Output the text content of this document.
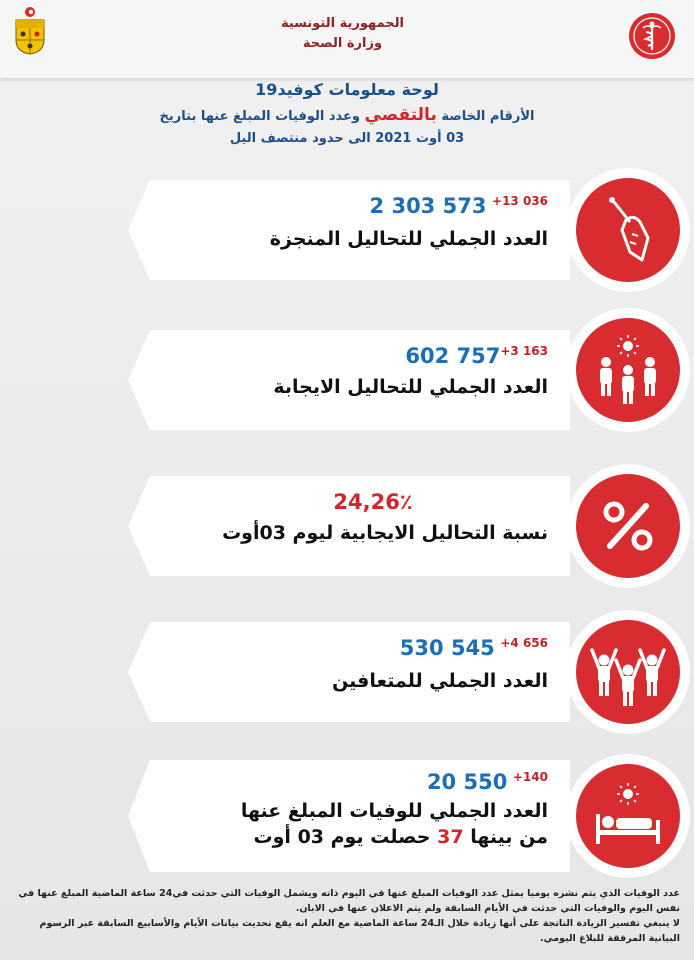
الجمهورية التونسية
وزارة الصحة
لوحة معلومات كوفيد19
الأرقام الخاصة بالتقصي وعدد الوفيات المبلغ عنها بتاريخ
03 أوت 2021 الى حدود منتصف اليل
2 303 573 $^{+13 036}$
العدد الجملي للتحاليل المنجزة
602 $757^{+3 163}$
العدد الجملي للتحاليل الايجابة
24,26٪
نسبة التحاليل الايجابية ليوم 03أوت
530 545 $^{+4 656}$
العدد الجملي للمتعافين
20 550 $^{+140}$
العدد الجملي للوفيات المبلغ عنها
من بينها 37 حصلت يوم 03 أوت
عدد الوفيات الذي يتم نشره يوميا يمثل عدد الوفيات المبلغ عنها في اليوم ذاته ويشمل الوفيات التي حدثت في24 ساعة الماضية المبلغ عنها في نفس اليوم والوفيات التي حدثت في الأيام السابقة ولم يتم الاعلان عنها في الابان.
لا ينبغي تفسير الزيادة الناتجة على أنها زيادة خلال الـ24 ساعة الماضية مع العلم انه يقع تحديث بيانات الأيام والأسابيع السابقة عبر الرسوم البيانية المرفقة للبلاغ اليومي.
